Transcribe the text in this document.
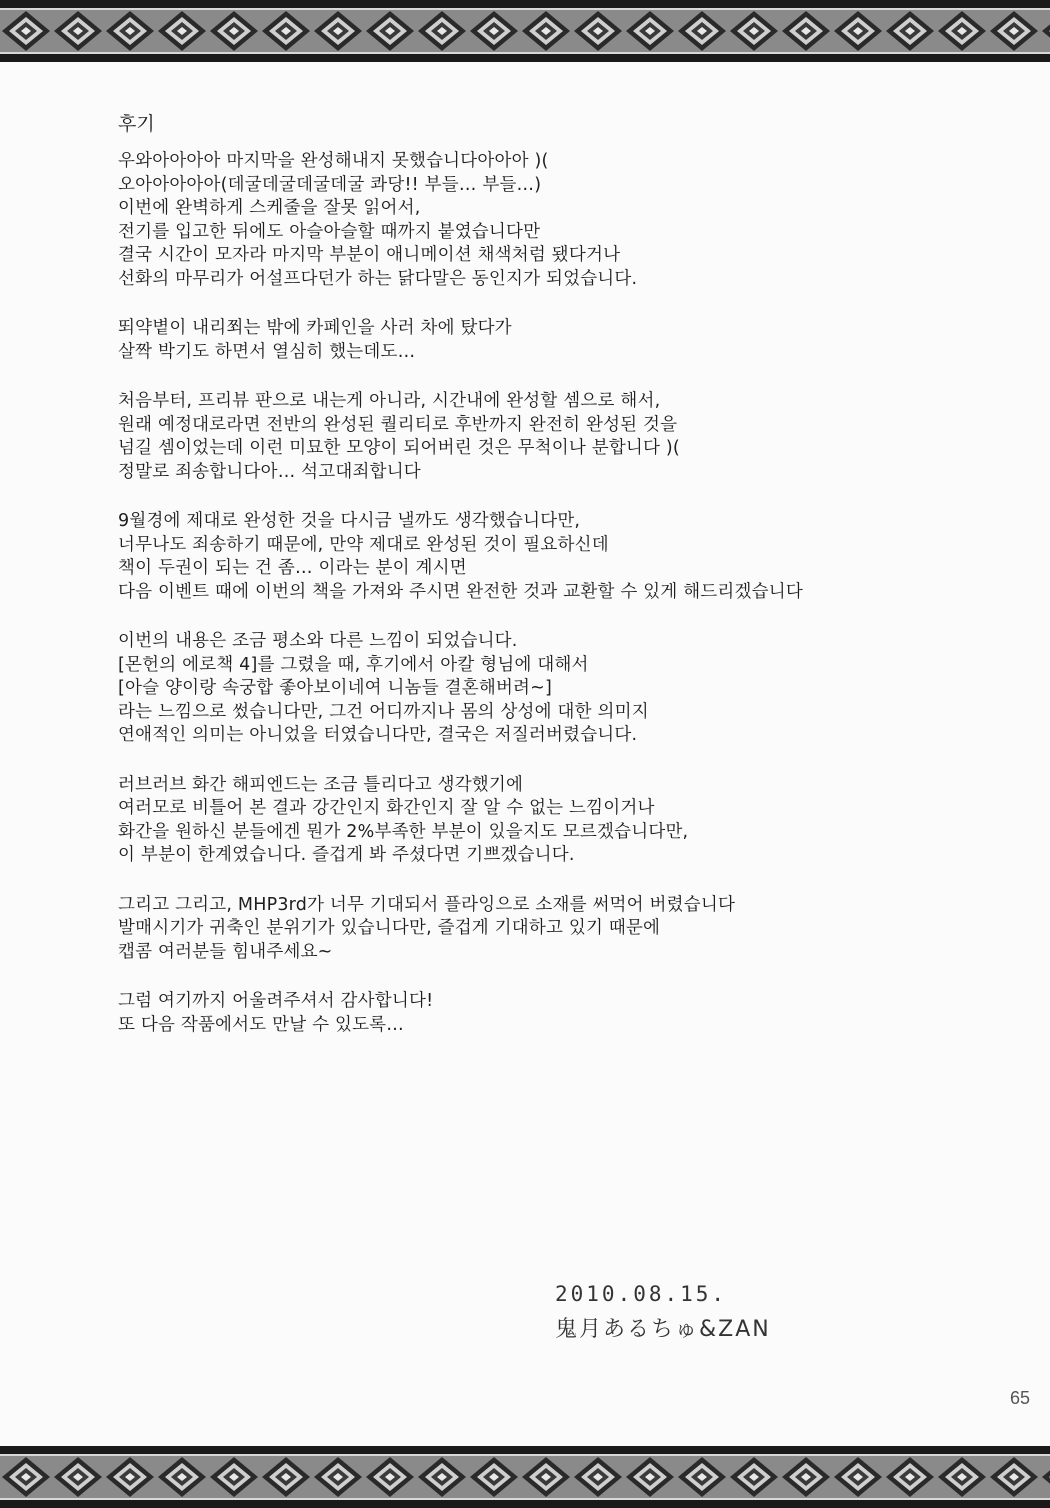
후기
우와아아아아 마지막을 완성해내지 못했습니다아아아 )(
오아아아아아(데굴데굴데굴데굴 콰당!! 부들… 부들…)
이번에 완벽하게 스케줄을 잘못 읽어서,
전기를 입고한 뒤에도 아슬아슬할 때까지 붙였습니다만
결국 시간이 모자라 마지막 부분이 애니메이션 채색처럼 됐다거나
선화의 마무리가 어설프다던가 하는 닭다말은 동인지가 되었습니다.
뙤약볕이 내리쬐는 밖에 카페인을 사러 차에 탔다가
살짝 박기도 하면서 열심히 했는데도…
처음부터, 프리뷰 판으로 내는게 아니라, 시간내에 완성할 셈으로 해서,
원래 예정대로라면 전반의 완성된 퀄리티로 후반까지 완전히 완성된 것을
넘길 셈이었는데 이런 미묘한 모양이 되어버린 것은 무척이나 분합니다 )(
정말로 죄송합니다아… 석고대죄합니다
9월경에 제대로 완성한 것을 다시금 낼까도 생각했습니다만,
너무나도 죄송하기 때문에, 만약 제대로 완성된 것이 필요하신데
책이 두권이 되는 건 좀… 이라는 분이 계시면
다음 이벤트 때에 이번의 책을 가져와 주시면 완전한 것과 교환할 수 있게 해드리겠습니다
이번의 내용은 조금 평소와 다른 느낌이 되었습니다.
[몬헌의 에로책 4]를 그렸을 때, 후기에서 아칼 형님에 대해서
[아슬 양이랑 속궁합 좋아보이네여 니놈들 결혼해버려~]
라는 느낌으로 썼습니다만, 그건 어디까지나 몸의 상성에 대한 의미지
연애적인 의미는 아니었을 터였습니다만, 결국은 저질러버렸습니다.
러브러브 화간 해피엔드는 조금 틀리다고 생각했기에
여러모로 비틀어 본 결과 강간인지 화간인지 잘 알 수 없는 느낌이거나
화간을 원하신 분들에겐 뭔가 2%부족한 부분이 있을지도 모르겠습니다만,
이 부분이 한계였습니다. 즐겁게 봐 주셨다면 기쁘겠습니다.
그리고 그리고, MHP3rd가 너무 기대되서 플라잉으로 소재를 써먹어 버렸습니다
발매시기가 귀축인 분위기가 있습니다만, 즐겁게 기대하고 있기 때문에
캡콤 여러분들 힘내주세요~
그럼 여기까지 어울려주셔서 감사합니다!
또 다음 작품에서도 만날 수 있도록…
2010.08.15.
鬼月あるちゅ&ZAN
65
